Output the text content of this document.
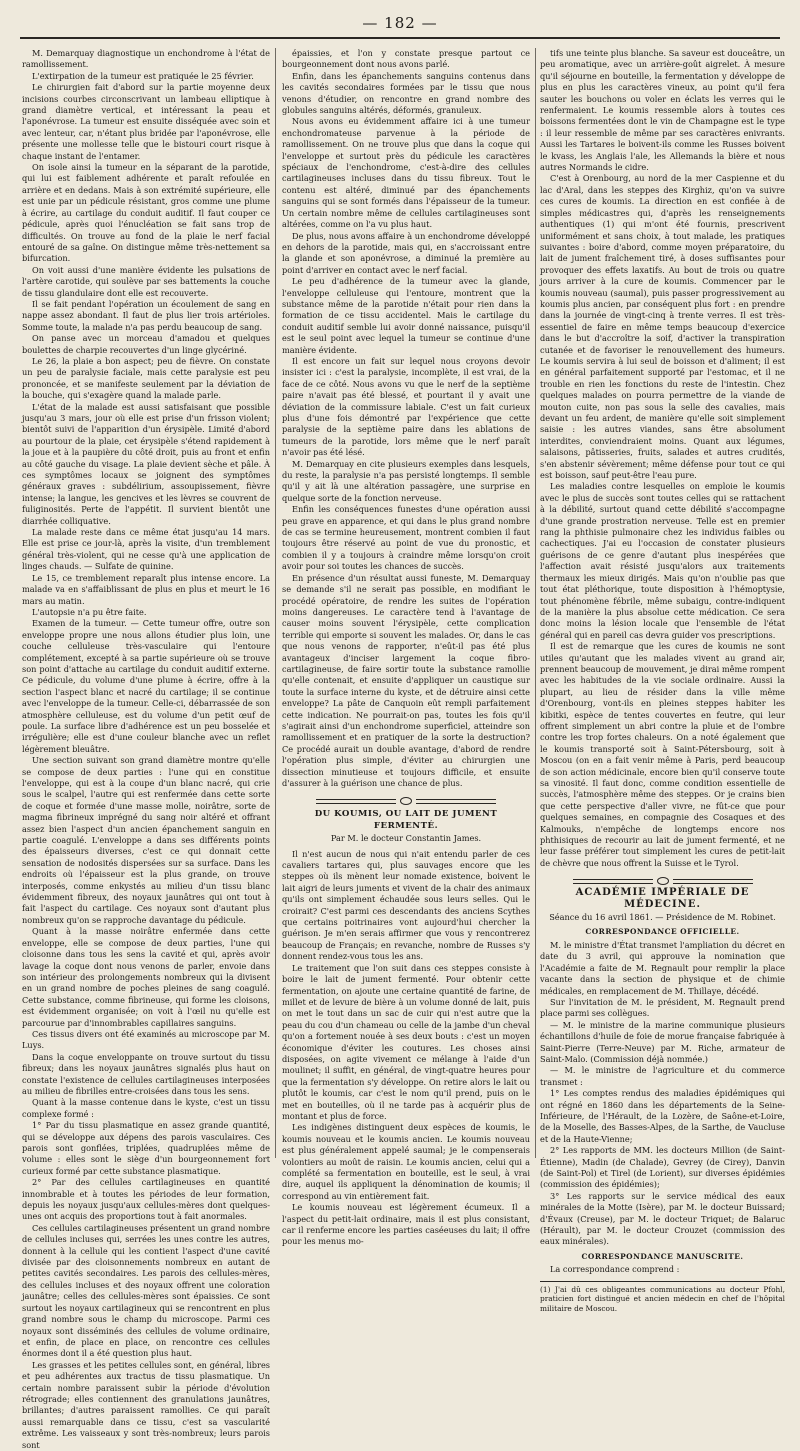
— 182 —

M. Demarquay diagnostique un enchondrome à l'état de ramollissement.

L'extirpation de la tumeur est pratiquée le 25 février.

Le chirurgien fait d'abord sur la partie moyenne deux incisions courbes circonscrivant un lambeau elliptique à grand diamètre vertical, et intéressant la peau et l'aponévrose. La tumeur est ensuite disséquée avec soin et avec lenteur, car, n'étant plus bridée par l'aponévrose, elle présente une mollesse telle que le bistouri court risque à chaque instant de l'entamer.

On isole ainsi la tumeur en la séparant de la parotide, qui lui est faiblement adhérente et paraît refoulée en arrière et en dedans. Mais à son extrémité supérieure, elle est unie par un pédicule résistant, gros comme une plume à écrire, au cartilage du conduit auditif. Il faut couper ce pédicule, après quoi l'énucléation se fait sans trop de difficultés. On trouve au fond de la plaie le nerf facial entouré de sa gaîne. On distingue même très-nettement sa bifurcation.

On voit aussi d'une manière évidente les pulsations de l'artère carotide, qui soulève par ses battements la couche de tissu glandulaire dont elle est recouverte.

Il se fait pendant l'opération un écoulement de sang en nappe assez abondant. Il faut de plus lier trois artérioles. Somme toute, la malade n'a pas perdu beaucoup de sang.

On panse avec un morceau d'amadou et quelques boulettes de charpie recouvertes d'un linge glycériné.

Le 26, la plaie a bon aspect; peu de fièvre. On constate un peu de paralysie faciale, mais cette paralysie est peu prononcée, et se manifeste seulement par la déviation de la bouche, qui s'exagère quand la malade parle.

L'état de la malade est aussi satisfaisant que possible jusqu'au 3 mars, jour où elle est prise d'un frisson violent; bientôt suivi de l'apparition d'un érysipèle. Limité d'abord au pourtour de la plaie, cet érysipèle s'étend rapidement à la joue et à la paupière du côté droit, puis au front et enfin au côté gauche du visage. La plaie devient sèche et pâle. À ces symptômes locaux se joignent des symptômes généraux graves : subdélirium, assoupissement, fièvre intense; la langue, les gencives et les lèvres se couvrent de fuliginosités. Perte de l'appétit. Il survient bientôt une diarrhée colliquative.

La malade reste dans ce même état jusqu'au 14 mars. Elle est prise ce jour-là, après la visite, d'un tremblement général très-violent, qui ne cesse qu'à une application de linges chauds. — Sulfate de quinine.

Le 15, ce tremblement reparaît plus intense encore. La malade va en s'affaiblissant de plus en plus et meurt le 16 mars au matin.

L'autopsie n'a pu être faite.

Examen de la tumeur. — Cette tumeur offre, outre son enveloppe propre une nous allons étudier plus loin, une couche celluleuse très-vasculaire qui l'entoure complétement, excepté à sa partie supérieure où se trouve son point d'attache au cartilage du conduit auditif externe. Ce pédicule, du volume d'une plume à écrire, offre à la section l'aspect blanc et nacré du cartilage; il se continue avec l'enveloppe de la tumeur. Celle-ci, débarrassée de son atmosphère celluleuse, est du volume d'un petit œuf de poule. La surface libre d'adhérence est un peu bosselée et irrégulière; elle est d'une couleur blanche avec un reflet légèrement bleuâtre.

Une section suivant son grand diamètre montre qu'elle se compose de deux parties : l'une qui en constitue l'enveloppe, qui est à la coupe d'un blanc nacré, qui crie sous le scalpel, l'autre qui est renfermée dans cette sorte de coque et formée d'une masse molle, noirâtre, sorte de magma fibrineux imprégné du sang noir altéré et offrant assez bien l'aspect d'un ancien épanchement sanguin en partie coagulé. L'enveloppe a dans ses différents points des épaisseurs diverses, c'est ce qui donnait cette sensation de nodosités dispersées sur sa surface. Dans les endroits où l'épaisseur est la plus grande, on trouve interposés, comme enkystés au milieu d'un tissu blanc évidemment fibreux, des noyaux jaunâtres qui ont tout à fait l'aspect du cartilage. Ces noyaux sont d'autant plus nombreux qu'on se rapproche davantage du pédicule.

Quant à la masse noirâtre enfermée dans cette enveloppe, elle se compose de deux parties, l'une qui cloisonne dans tous les sens la cavité et qui, après avoir lavage la coque dont nous venons de parler, envoie dans son intérieur des prolongements nombreux qui la divisent en un grand nombre de poches pleines de sang coagulé. Cette substance, comme fibrineuse, qui forme les cloisons, est évidemment organisée; on voit à l'œil nu qu'elle est parcourue par d'innombrables capillaires sanguins.

Ces tissus divers ont été examinés au microscope par M. Luys.

Dans la coque enveloppante on trouve surtout du tissu fibreux; dans les noyaux jaunâtres signalés plus haut on constate l'existence de cellules cartilagineuses interposées au milieu de fibrilles entre-croisées dans tous les sens.

Quant à la masse contenue dans le kyste, c'est un tissu complexe formé :

1° Par du tissu plasmatique en assez grande quantité, qui se développe aux dépens des parois vasculaires. Ces parois sont gonflées, triplées, quadruplées même de volume : elles sont le siège d'un bourgeonnement fort curieux formé par cette substance plasmatique.

2° Par des cellules cartilagineuses en quantité innombrable et à toutes les périodes de leur formation, depuis les noyaux jusqu'aux cellules-mères dont quelques-unes ont acquis des proportions tout à fait anormales.

Ces cellules cartilagineuses présentent un grand nombre de cellules incluses qui, serrées les unes contre les autres, donnent à la cellule qui les contient l'aspect d'une cavité divisée par des cloisonnements nombreux en autant de petites cavités secondaires. Les parois des cellules-mères, des cellules incluses et des noyaux offrent une coloration jaunâtre; celles des cellules-mères sont épaissies. Ce sont surtout les noyaux cartilagineux qui se rencontrent en plus grand nombre sous le champ du microscope. Parmi ces noyaux sont disséminés des cellules de volume ordinaire, et enfin, de place en place, on rencontre ces cellules énormes dont il a été question plus haut.

Les grasses et les petites cellules sont, en général, libres et peu adhérentes aux tractus de tissu plasmatique. Un certain nombre paraissent subir la période d'évolution rétrograde; elles contiennent des granulations jaunâtres, brillantes; d'autres paraissent ramollies. Ce qui paraît aussi remarquable dans ce tissu, c'est sa vascularité extrême. Les vaisseaux y sont très-nombreux; leurs parois sont

épaissies, et l'on y constate presque partout ce bourgeonnement dont nous avons parlé.

Enfin, dans les épanchements sanguins contenus dans les cavités secondaires formées par le tissu que nous venons d'étudier, on rencontre en grand nombre des globules sanguins altérés, déformés, granuleux.

Nous avons eu évidemment affaire ici à une tumeur enchondromateuse parvenue à la période de ramollissement. On ne trouve plus que dans la coque qui l'enveloppe et surtout près du pédicule les caractères spéciaux de l'enchondrome, c'est-à-dire des cellules cartilagineuses incluses dans du tissu fibreux. Tout le contenu est altéré, diminué par des épanchements sanguins qui se sont formés dans l'épaisseur de la tumeur. Un certain nombre même de cellules cartilagineuses sont altérées, comme on l'a vu plus haut.

De plus, nous avons affaire à un enchondrome développé en dehors de la parotide, mais qui, en s'accroissant entre la glande et son aponévrose, a diminué la première au point d'arriver en contact avec le nerf facial.

Le peu d'adhérence de la tumeur avec la glande, l'enveloppe celluleuse qui l'entoure, montrent que la substance même de la parotide n'était pour rien dans la formation de ce tissu accidentel. Mais le cartilage du conduit auditif semble lui avoir donné naissance, puisqu'il est le seul point avec lequel la tumeur se continue d'une manière évidente.

Il est encore un fait sur lequel nous croyons devoir insister ici : c'est la paralysie, incomplète, il est vrai, de la face de ce côté. Nous avons vu que le nerf de la septième paire n'avait pas été blessé, et pourtant il y avait une déviation de la commissure labiale. C'est un fait curieux plus d'une fois démontré par l'expérience que cette paralysie de la septième paire dans les ablations de tumeurs de la parotide, lors même que le nerf paraît n'avoir pas été lésé.

M. Demarquay en cite plusieurs exemples dans lesquels, du reste, la paralysie n'a pas persisté longtemps. Il semble qu'il y ait là une altération passagère, une surprise en quelque sorte de la fonction nerveuse.

Enfin les conséquences funestes d'une opération aussi peu grave en apparence, et qui dans le plus grand nombre de cas se termine heureusement, montrent combien il faut toujours être réservé au point de vue du pronostic, et combien il y a toujours à craindre même lorsqu'on croit avoir pour soi toutes les chances de succès.

En présence d'un résultat aussi funeste, M. Demarquay se demande s'il ne serait pas possible, en modifiant le procédé opératoire, de rendre les suites de l'opération moins dangereuses. Le caractère tend à l'avantage de causer moins souvent l'érysipèle, cette complication terrible qui emporte si souvent les malades. Or, dans le cas que nous venons de rapporter, n'eût-il pas été plus avantageux d'inciser largement la coque fibro-cartilagineuse, de faire sortir toute la substance ramollie qu'elle contenait, et ensuite d'appliquer un caustique sur toute la surface interne du kyste, et de détruire ainsi cette enveloppe? La pâte de Canquoin eût rempli parfaitement cette indication. Ne pourrait-on pas, toutes les fois qu'il s'agirait ainsi d'un enchondrome superficiel, atteindre son ramollissement et en pratiquer de la sorte la destruction? Ce procédé aurait un double avantage, d'abord de rendre l'opération plus simple, d'éviter au chirurgien une dissection minutieuse et toujours difficile, et ensuite d'assurer à la guérison une chance de plus.

DU KOUMIS, OU LAIT DE JUMENT FERMENTÉ.
Par M. le docteur Constantin James.

Il n'est aucun de nous qui n'ait entendu parler de ces cavaliers tartares qui, plus sauvages encore que les steppes où ils mènent leur nomade existence, boivent le lait aigri de leurs juments et vivent de la chair des animaux qu'ils ont simplement échaudée sous leurs selles. Qui le croirait? C'est parmi ces descendants des anciens Scythes que certains poitrinaires vont aujourd'hui chercher la guérison. Je m'en serais affirmer que vous y rencontrerez beaucoup de Français; en revanche, nombre de Russes s'y donnent rendez-vous tous les ans.

Le traitement que l'on suit dans ces steppes consiste à boire le lait de jument fermenté. Pour obtenir cette fermentation, on ajoute une certaine quantité de farine, de millet et de levure de bière à un volume donné de lait, puis on met le tout dans un sac de cuir qui n'est autre que la peau du cou d'un chameau ou celle de la jambe d'un cheval qu'on a fortement nouée à ses deux bouts : c'est un moyen économique d'éviter les coutures. Les choses ainsi disposées, on agite vivement ce mélange à l'aide d'un moulinet; il suffit, en général, de vingt-quatre heures pour que la fermentation s'y développe. On retire alors le lait ou plutôt le koumis, car c'est le nom qu'il prend, puis on le met en bouteilles, où il ne tarde pas à acquérir plus de montant et plus de force.

Les indigènes distinguent deux espèces de koumis, le koumis nouveau et le koumis ancien. Le koumis nouveau est plus généralement appelé saumal; je le compenserais volontiers au moût de raisin. Le koumis ancien, celui qui a complété sa fermentation en bouteille, est le seul, à vrai dire, auquel ils appliquent la dénomination de koumis; il correspond au vin entièrement fait.

Le koumis nouveau est légèrement écumeux. Il a l'aspect du petit-lait ordinaire, mais il est plus consistant, car il renferme encore les parties caséeuses du lait; il offre pour les menus mo-

tifs une teinte plus blanche. Sa saveur est douceâtre, un peu aromatique, avec un arrière-goût aigrelet. À mesure qu'il séjourne en bouteille, la fermentation y développe de plus en plus les caractères vineux, au point qu'il fera sauter les bouchons ou voler en éclats les verres qui le renfermaient. Le koumis ressemble alors à toutes ces boissons fermentées dont le vin de Champagne est le type : il leur ressemble de même par ses caractères enivrants. Aussi les Tartares le boivent-ils comme les Russes boivent le kvass, les Anglais l'ale, les Allemands la bière et nous autres Normands le cidre.

C'est à Orenbourg, au nord de la mer Caspienne et du lac d'Aral, dans les steppes des Kirghiz, qu'on va suivre ces cures de koumis. La direction en est confiée à de simples médicastres qui, d'après les renseignements authentiques (1) qui m'ont été fournis, prescrivent uniformément et sans choix, à tout malade, les pratiques suivantes : boire d'abord, comme moyen préparatoire, du lait de jument fraîchement tiré, à doses suffisantes pour provoquer des effets laxatifs. Au bout de trois ou quatre jours arriver à la cure de koumis. Commencer par le koumis nouveau (saumal), puis passer progressivement au koumis plus ancien, par conséquent plus fort : en prendre dans la journée de vingt-cinq à trente verres. Il est très-essentiel de faire en même temps beaucoup d'exercice dans le but d'accroître la soif, d'activer la transpiration cutanée et de favoriser le renouvellement des humeurs. Le koumis servira à lui seul de boisson et d'aliment; il est en général parfaitement supporté par l'estomac, et il ne trouble en rien les fonctions du reste de l'intestin. Chez quelques malades on pourra permettre de la viande de mouton cuite, non pas sous la selle des cavalies, mais devant un feu ardent, de manière qu'elle soit simplement saisie : les autres viandes, sans être absolument interdites, conviendraient moins. Quant aux légumes, salaisons, pâtisseries, fruits, salades et autres crudités, s'en abstenir sévèrement; même défense pour tout ce qui est boisson, sauf peut-être l'eau pure.

Les maladies contre lesquelles on emploie le koumis avec le plus de succès sont toutes celles qui se rattachent à la débilité, surtout quand cette débilité s'accompagne d'une grande prostration nerveuse. Telle est en premier rang la phthisie pulmonaire chez les individus faibles ou cachectiques. J'ai eu l'occasion de constater plusieurs guérisons de ce genre d'autant plus inespérées que l'affection avait résisté jusqu'alors aux traitements thermaux les mieux dirigés. Mais qu'on n'oublie pas que tout état pléthorique, toute disposition à l'hémoptysie, tout phénomène fébrile, même subaigu, contre-indiquent de la manière la plus absolue cette médication. Ce sera donc moins la lésion locale que l'ensemble de l'état général qui en pareil cas devra guider vos prescriptions.

Il est de remarque que les cures de koumis ne sont utiles qu'autant que les malades vivent au grand air, prennent beaucoup de mouvement, je dirai même rompent avec les habitudes de la vie sociale ordinaire. Aussi la plupart, au lieu de résider dans la ville même d'Orenbourg, vont-ils en pleines steppes habiter les kibitki, espèce de tentes couvertes en feutre, qui leur offrent simplement un abri contre la pluie et de l'ombre contre les trop fortes chaleurs. On a noté également que le koumis transporté soit à Saint-Pétersbourg, soit à Moscou (on en a fait venir même à Paris, perd beaucoup de son action médicinale, encore bien qu'il conserve toute sa vinosité. Il faut donc, comme condition essentielle de succès, l'atmosphère même des steppes. Or je crains bien que cette perspective d'aller vivre, ne fût-ce que pour quelques semaines, en compagnie des Cosaques et des Kalmouks, n'empêche de longtemps encore nos phthisiques de recourir au lait de jument fermenté, et ne leur fasse préférer tout simplement les cures de petit-lait de chèvre que nous offrent la Suisse et le Tyrol.

ACADÉMIE IMPÉRIALE DE MÉDECINE.
Séance du 16 avril 1861. — Présidence de M. Robinet.
CORRESPONDANCE OFFICIELLE.

M. le ministre d'État transmet l'ampliation du décret en date du 3 avril, qui approuve la nomination que l'Académie a faite de M. Regnault pour remplir la place vacante dans la section de physique et de chimie médicales, en remplacement de M. Thillaye, décédé.

Sur l'invitation de M. le président, M. Regnault prend place parmi ses collègues.

— M. le ministre de la marine communique plusieurs échantillons d'huile de foie de morue française fabriquée à Saint-Pierre (Terre-Neuve) par M. Riche, armateur de Saint-Malo. (Commission déjà nommée.)

— M. le ministre de l'agriculture et du commerce transmet :

1° Les comptes rendus des maladies épidémiques qui ont régné en 1860 dans les départements de la Seine-Inférieure, de l'Hérault, de la Lozère, de Saône-et-Loire, de la Moselle, des Basses-Alpes, de la Sarthe, de Vaucluse et de la Haute-Vienne;

2° Les rapports de MM. les docteurs Million (de Saint-Étienne), Madin (de Chalade), Gevrey (de Cirey), Danvin (de Saint-Pol) et Tirel (de Lorient), sur diverses épidémies (commission des épidémies);

3° Les rapports sur le service médical des eaux minérales de la Motte (Isère), par M. le docteur Buissard; d'Évaux (Creuse), par M. le docteur Triquet; de Balaruc (Hérault), par M. le docteur Crouzet (commission des eaux minérales).

CORRESPONDANCE MANUSCRITE.

La correspondance comprend :

(1) J'ai dû ces obligeantes communications au docteur Pfohl, praticien fort distingué et ancien médecin en chef de l'hôpital militaire de Moscou.
